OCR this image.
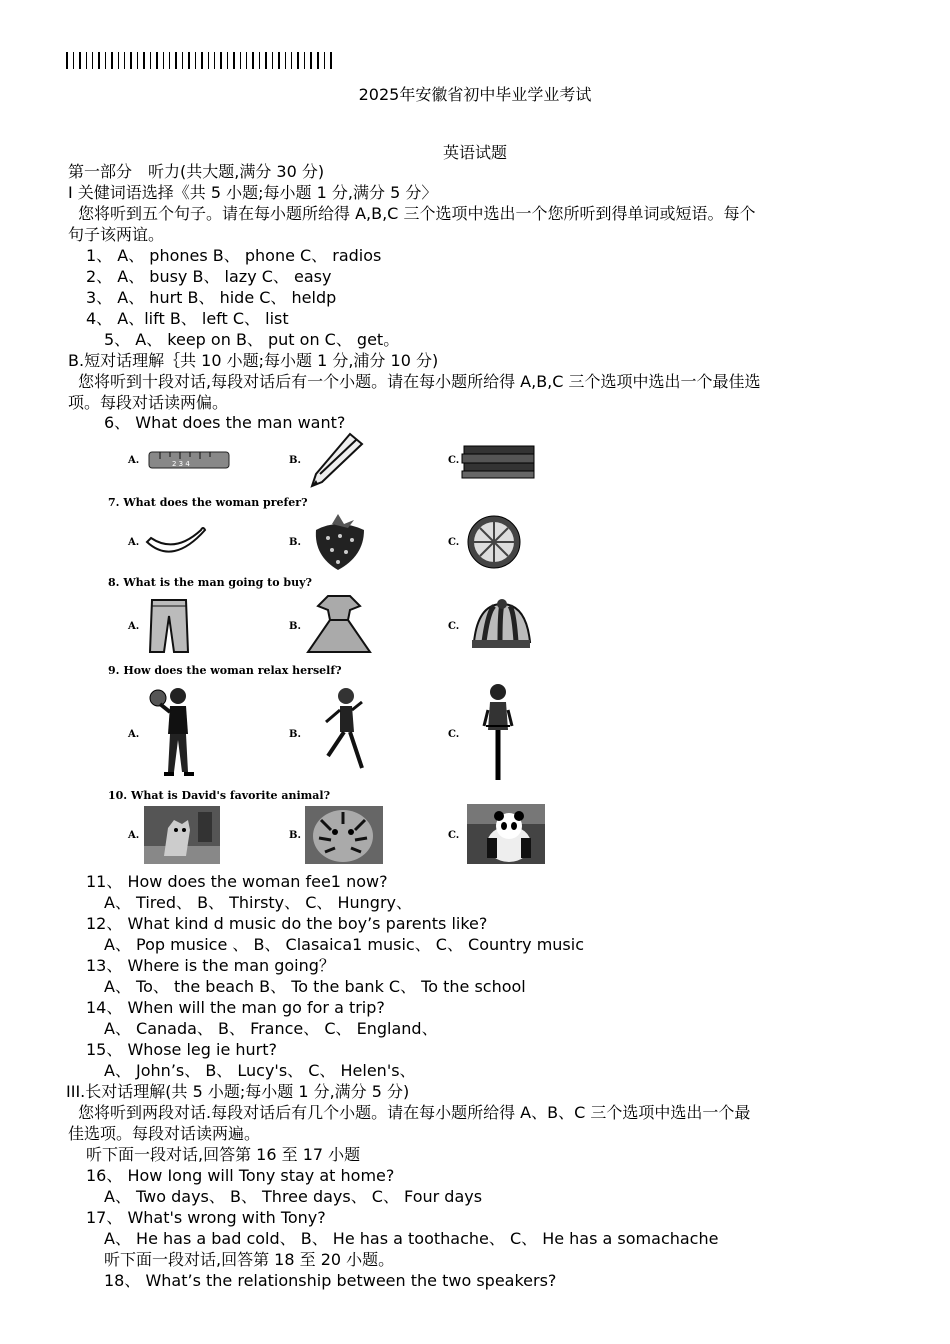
2025年安徽省初中毕业学业考试
英语试题
第一部分　听力(共大题,满分 30 分)
I 关健词语选择《共 5 小题;每小题 1 分,满分 5 分〉
您将听到五个句子。请在每小题所给得 A,B,C 三个选项中选出一个您所听到得单词或短语。每个
句子该两谊。
1、 A、 phones B、 phone C、 radios
2、 A、 busy B、 lazy C、 easy
3、 A、 hurt B、 hide C、 heldp
4、 A、lift B、 left C、 list
5、 A、 keep on B、 put on C、 get。
B.短对话理解｛共 10 小题;每小题 1 分,浦分 10 分)
您将听到十段对话,每段对话后有一个小题。请在每小题所给得 A,B,C 三个选项中选出一个最佳选
项。每段对话读两偏。
6、 What does the man want?
A.	B.	C.
2 3 4
7. What does the woman prefer?
A.	B.	C.
8. What is the man going to buy?
A.	B.	C.
9. How does the woman relax herself?
A.	B.	C.
10. What is David's favorite animal?
A.	B.	C.
11、 How does the woman fee1 now?
A、 Tired、 B、 Thirsty、 C、 Hungry、
12、 What kind d music do the boy’s parents like?
A、 Pop musice 、 B、 Clasaica1 music、 C、 Country music
13、 Where is the man going？
A、 To、 the beach B、 To the bank C、 To the school
14、 When will the man go for a trip?
A、 Canada、 B、 France、 C、 England、
15、 Whose leg ie hurt?
A、 John’s、 B、 Lucy's、 C、 Helen's、
III.长对话理解(共 5 小题;每小题 1 分,满分 5 分)
您将听到两段对话.每段对话后有几个小题。请在每小题所给得 A、B、C 三个选项中选出一个最
佳选项。每段对话读两遍。
听下面一段对话,回答第 16 至 17 小题
16、 How Iong will Tony stay at home?
A、 Two days、 B、 Three days、 C、 Four days
17、 What's wrong with Tony?
A、 He has a bad cold、 B、 He has a toothache、 C、 He has a somachache
听下面一段对话,回答第 18 至 20 小题。
18、 What’s the relationship between the two speakers?
